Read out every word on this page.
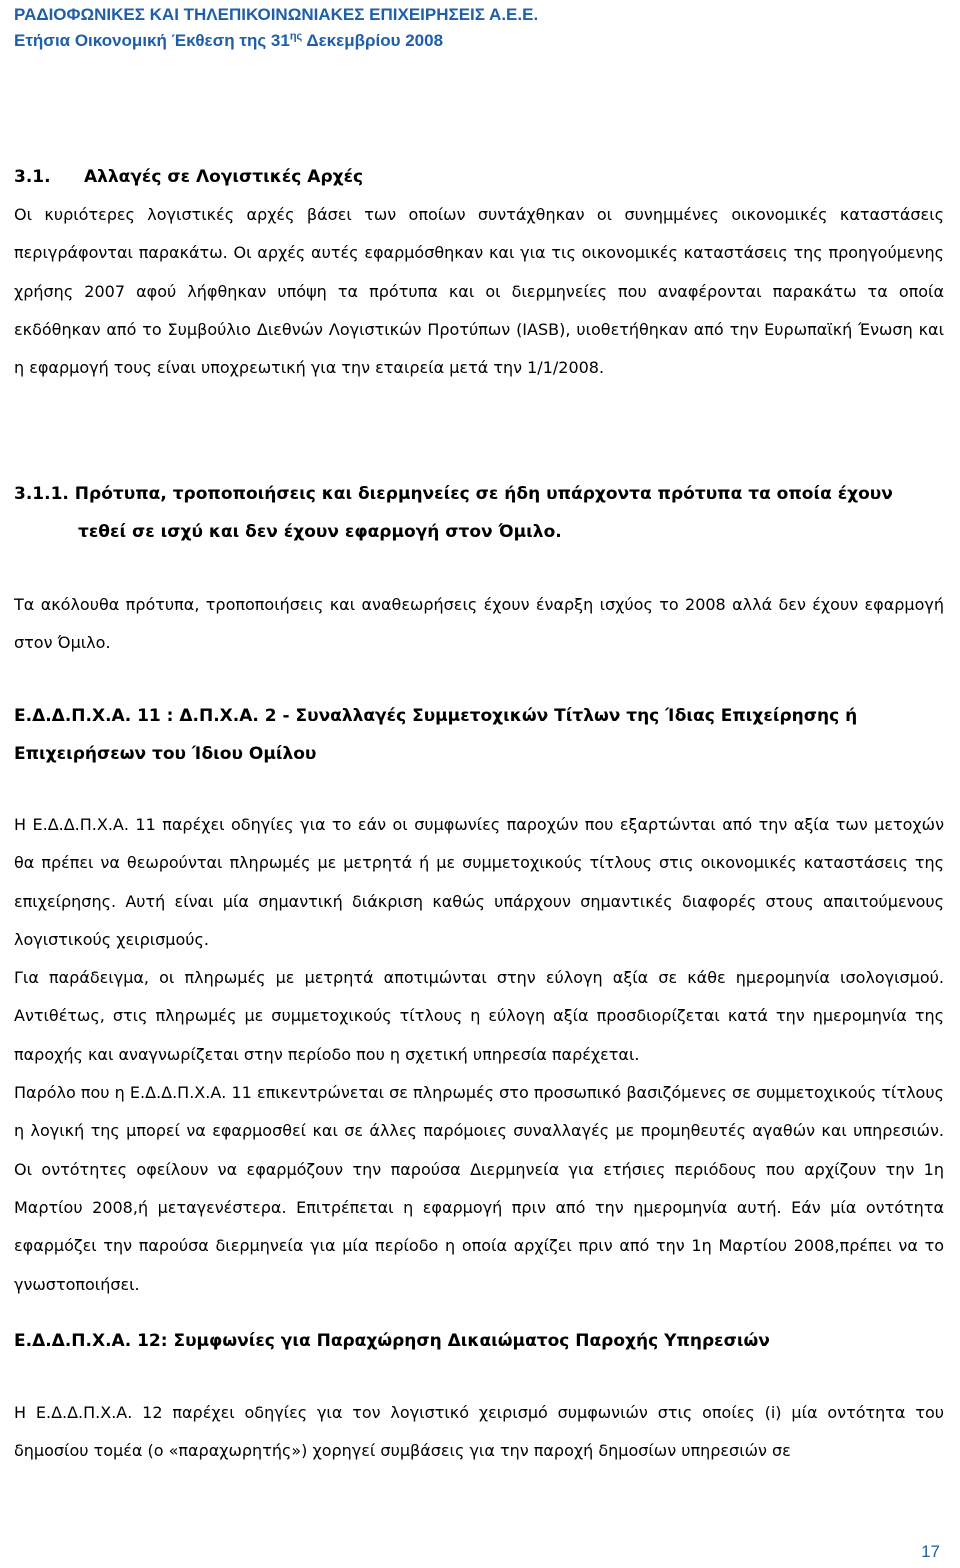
ΡΑΔΙΟΦΩΝΙΚΕΣ ΚΑΙ ΤΗΛΕΠΙΚΟΙΝΩΝΙΑΚΕΣ ΕΠΙΧΕΙΡΗΣΕΙΣ Α.Ε.Ε.
Ετήσια Οικονομική Έκθεση της $31^{\eta\varsigma}$ Δεκεμβρίου 2008

3.1. Αλλαγές σε Λογιστικές Αρχές

Οι κυριότερες λογιστικές αρχές βάσει των οποίων συντάχθηκαν οι συνημμένες οικονομικές καταστάσεις περιγράφονται παρακάτω. Οι αρχές αυτές εφαρμόσθηκαν και για τις οικονομικές καταστάσεις της προηγούμενης χρήσης 2007 αφού λήφθηκαν υπόψη τα πρότυπα και οι διερμηνείες που αναφέρονται παρακάτω τα οποία εκδόθηκαν από το Συμβούλιο Διεθνών Λογιστικών Προτύπων (IASB), υιοθετήθηκαν από την Ευρωπαϊκή Ένωση και η εφαρμογή τους είναι υποχρεωτική για την εταιρεία μετά την 1/1/2008.

3.1.1. Πρότυπα, τροποποιήσεις και διερμηνείες σε ήδη υπάρχοντα πρότυπα τα οποία έχουν τεθεί σε ισχύ και δεν έχουν εφαρμογή στον Όμιλο.

Τα ακόλουθα πρότυπα, τροποποιήσεις και αναθεωρήσεις έχουν έναρξη ισχύος το 2008 αλλά δεν έχουν εφαρμογή στον Όμιλο.

Ε.Δ.Δ.Π.Χ.Α. 11 : Δ.Π.Χ.Α. 2 - Συναλλαγές Συμμετοχικών Τίτλων της Ίδιας Επιχείρησης ή Επιχειρήσεων του Ίδιου Ομίλου

Η Ε.Δ.Δ.Π.Χ.Α. 11 παρέχει οδηγίες για το εάν οι συμφωνίες παροχών που εξαρτώνται από την αξία των μετοχών θα πρέπει να θεωρούνται πληρωμές με μετρητά ή με συμμετοχικούς τίτλους στις οικονομικές καταστάσεις της επιχείρησης. Αυτή είναι μία σημαντική διάκριση καθώς υπάρχουν σημαντικές διαφορές στους απαιτούμενους λογιστικούς χειρισμούς.

Για παράδειγμα, οι πληρωμές με μετρητά αποτιμώνται στην εύλογη αξία σε κάθε ημερομηνία ισολογισμού. Αντιθέτως, στις πληρωμές με συμμετοχικούς τίτλους η εύλογη αξία προσδιορίζεται κατά την ημερομηνία της παροχής και αναγνωρίζεται στην περίοδο που η σχετική υπηρεσία παρέχεται.

Παρόλο που η Ε.Δ.Δ.Π.Χ.Α. 11 επικεντρώνεται σε πληρωμές στο προσωπικό βασιζόμενες σε συμμετοχικούς τίτλους η λογική της μπορεί να εφαρμοσθεί και σε άλλες παρόμοιες συναλλαγές με προμηθευτές αγαθών και υπηρεσιών. Οι οντότητες οφείλουν να εφαρμόζουν την παρούσα Διερμηνεία για ετήσιες περιόδους που αρχίζουν την 1η Μαρτίου 2008,ή μεταγενέστερα. Επιτρέπεται η εφαρμογή πριν από την ημερομηνία αυτή. Εάν μία οντότητα εφαρμόζει την παρούσα διερμηνεία για μία περίοδο η οποία αρχίζει πριν από την 1η Μαρτίου 2008,πρέπει να το γνωστοποιήσει.

Ε.Δ.Δ.Π.Χ.Α. 12: Συμφωνίες για Παραχώρηση Δικαιώματος Παροχής Υπηρεσιών

Η Ε.Δ.Δ.Π.Χ.Α. 12 παρέχει οδηγίες για τον λογιστικό χειρισμό συμφωνιών στις οποίες (i) μία οντότητα του δημοσίου τομέα (ο «παραχωρητής») χορηγεί συμβάσεις για την παροχή δημοσίων υπηρεσιών σε

17
